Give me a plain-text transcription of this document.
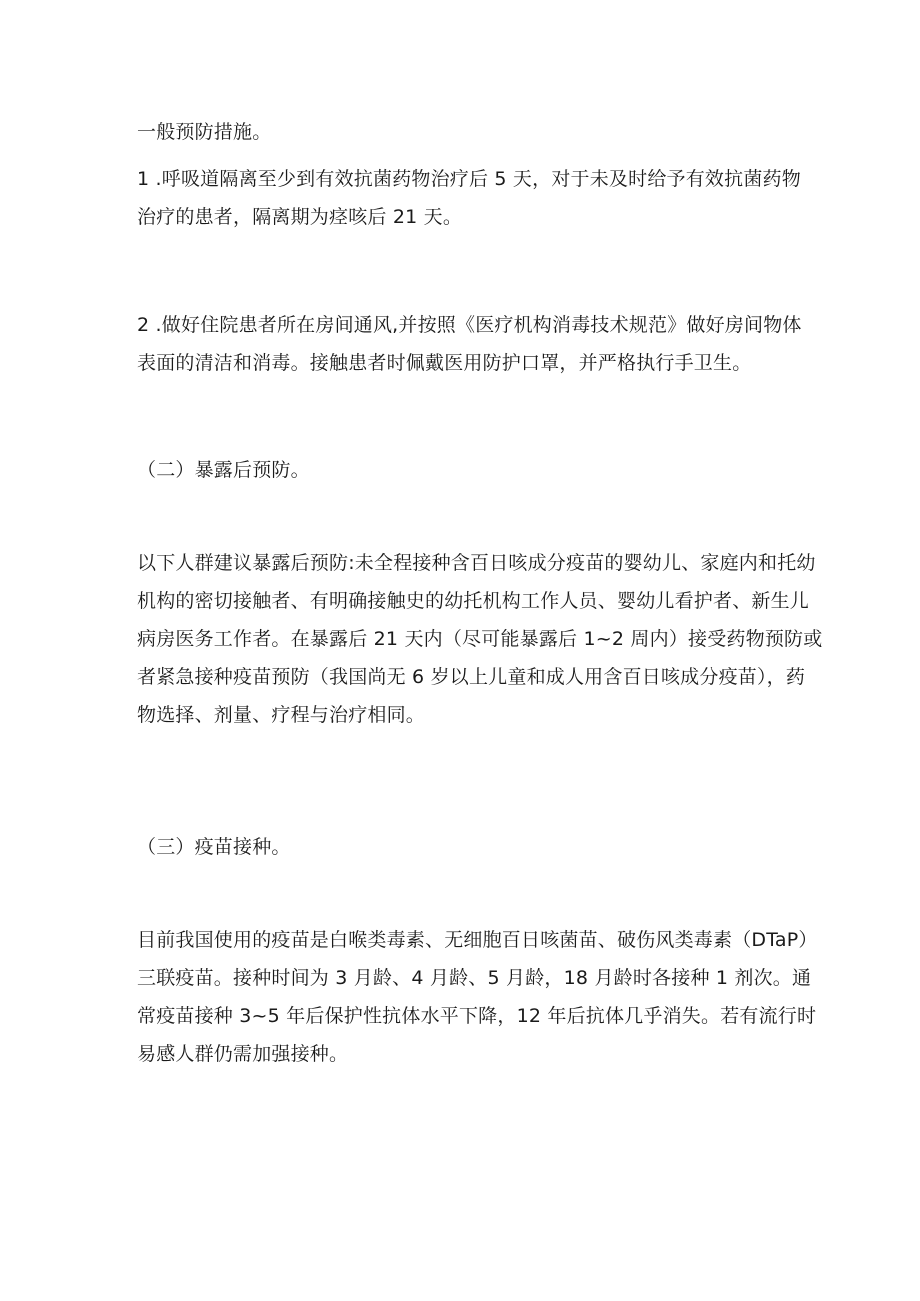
一般预防措施。
1 .呼吸道隔离至少到有效抗菌药物治疗后 5 天，对于未及时给予有效抗菌药物
治疗的患者，隔离期为痉咳后 21 天。
2 .做好住院患者所在房间通风,并按照《医疗机构消毒技术规范》做好房间物体
表面的清洁和消毒。接触患者时佩戴医用防护口罩，并严格执行手卫生。
（二）暴露后预防。
以下人群建议暴露后预防:未全程接种含百日咳成分疫苗的婴幼儿、家庭内和托幼
机构的密切接触者、有明确接触史的幼托机构工作人员、婴幼儿看护者、新生儿
病房医务工作者。在暴露后 21 天内（尽可能暴露后 1~2 周内）接受药物预防或
者紧急接种疫苗预防（我国尚无 6 岁以上儿童和成人用含百日咳成分疫苗），药
物选择、剂量、疗程与治疗相同。
（三）疫苗接种。
目前我国使用的疫苗是白喉类毒素、无细胞百日咳菌苗、破伤风类毒素（DTaP）
三联疫苗。接种时间为 3 月龄、4 月龄、5 月龄，18 月龄时各接种 1 剂次。通
常疫苗接种 3~5 年后保护性抗体水平下降，12 年后抗体几乎消失。若有流行时
易感人群仍需加强接种。
